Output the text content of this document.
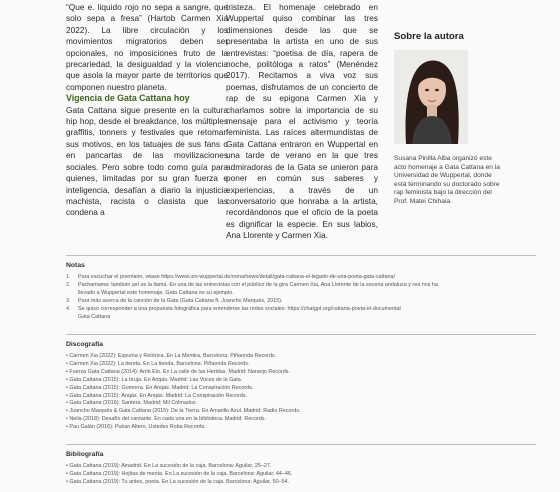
“Que e. liquido rojo no sepa a sangre, que solo sepa a fresa” (Hartob Carmen Xia 2022). La libre circulación y los movimientos migratorios deben ser opcionales, no imposiciones fruto de la precariedad, la desigualdad y la violencia que asola la mayor parte de territorios que componen nuestro planeta.

Vigencia de Gata Cattana hoy

Gata Cattana sigue presente en la cultura hip hop, desde el breakdance, los múltiples graffitis, tonners y festivales que retoman sus motivos, en los tatuajes de sus fans o en pancartas de las movilizaciones sociales. Pero sobre todo como guía para quienes, limitadas por su gran fuerza e inteligencia, desafían a diario la injusticia machista, racista o clasista que las condena a

tristeza. El homenaje celebrado en Wuppertal quiso combinar las tres dimensiones desde las que se presentaba la artista en uno de sus entrevistas: “poetisa de día, rapera de noche, politóloga a ratos” (Menéndez 2017). Recitamos a viva voz sus poemas, disfrutamos de un concierto de rap de su epigona Carmen Xia y charlamos sobre la importancia de su mensaje para el activismo y teoría feminista. Las raíces altermundistas de Gata Cattana entraron en Wuppertal en una tarde de verano en la que tres admiradoras de la Gata se unieron para poner en común sus saberes y experiencias, a través de un conversatorio que honraba a la artista, recordándonos que el oficio de la poeta es dignificar la especie. En sus labios, Ana Llorente y Carmen Xia.

Sobre la autora
Susana Pinilla Alba organizó este acto homenaje a Gata Cattana en la Universidad de Wuppertal, donde está terminando su doctorado sobre rap feminista bajo la dirección del Prof. Matei Chihaia.
Notas
1. Para escuchar el poemario, véase https://www.uni-wuppertal.de/roma/news/detail/gata-cattana-el-legado-de-una-poeta-gata-cattana/
2. Pachamama: también así se la llama. En una de las entrevistas con el público de la gira Carmen Xia, Ana Llorente de la escena andaluza y rea nos ha
llevado a Wuppertal este homenaje. Gata Cattana es su ejemplo.
3. Para más acerca de la canción de la Gata (Gata Cattana ft. Juancho Marqués, 2015).
4. Se quiso corresponder a una propuesta fotográfica para entenderse las redes sociales: https://chatgpt.org/cattana-poeta-el-documental
Gata Cattana
Discografía
• Carmen Xia (2022): Espuma y Retórica. En La Mentira, Barcelona: Piñaonda Records.
• Carmen Xia (2022): La tienda. En La tienda, Barcelona: Piñaonda Records.
• Fuerza Gata Cattana (2014): Amb Elo. En La calle de las Heridas. Madrid: Naranjo Records.
• Gata Cattana (2015): La bruja. En Anqás. Madrid: Las Voces de la Gata.
• Gata Cattana (2015): Gomorra. En Anqás. Madrid: La Conspiración Records.
• Gata Cattana (2015): Anqás. En Anqás. Madrid: La Conspiración Records.
• Gata Cattana (2016): Santera. Madrid: Mil Colmados.
• Juancho Marqués & Gata Cattana (2015): De la Tierra. En Amarillo Azul. Madrid: Radio Records.
• Neila (2018): Desafío del cantante. En cada una en la biblioteca. Madrid: Records.
• Pau Galán (2016): Pukan Altero, Ustedes Roba Records.
Bibliografía
• Gata Cattana (2019): Ainadrid. En La sucesión de la caja. Barcelona: Aguilar, 25–27.
• Gata Cattana (2019): Hojitas de menta. En La sucesión de la caja. Barcelona: Aguilar, 44–46.
• Gata Cattana (2019): Tu antes, poeta. En La sucesión de la caja. Barcelona: Aguilar, 50–54.
